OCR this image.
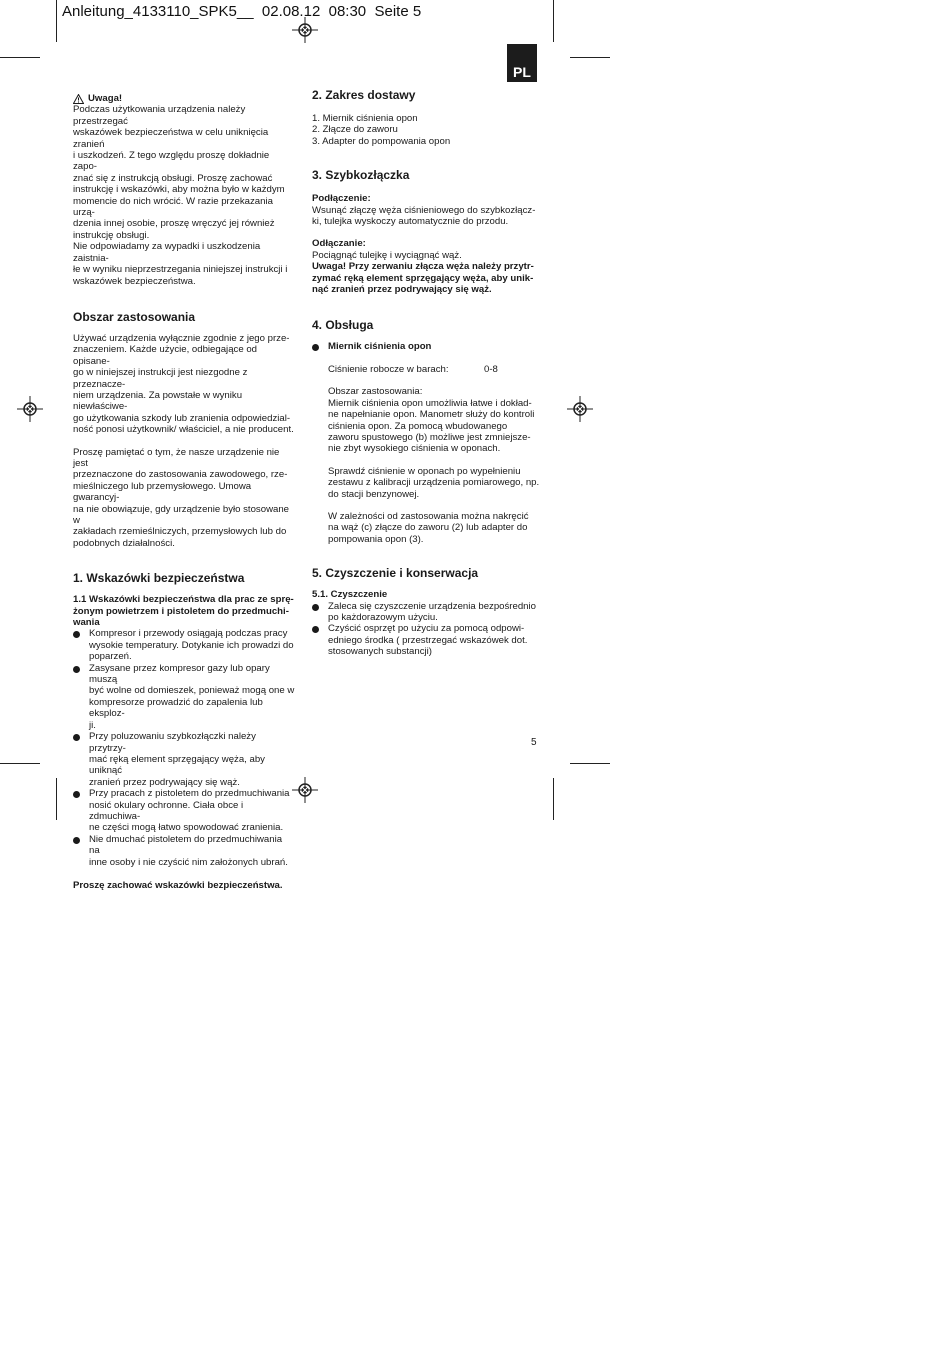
Anleitung_4133110_SPK5__  02.08.12  08:30  Seite 5
PL
Uwaga!

Podczas użytkowania urządzenia należy przestrzegać

wskazówek bezpieczeństwa w celu uniknięcia zranień

i uszkodzeń. Z tego względu proszę dokładnie zapo-

znać się z instrukcją obsługi. Proszę zachować

instrukcję i wskazówki, aby można było w każdym

momencie do nich wrócić. W razie przekazania urzą-

dzenia innej osobie, proszę wręczyć jej również

instrukcję obsługi.

Nie odpowiadamy za wypadki i uszkodzenia zaistnia-

łe w wyniku nieprzestrzegania niniejszej instrukcji i

wskazówek bezpieczeństwa.

Obszar zastosowania

Używać urządzenia wyłącznie zgodnie z jego prze-

znaczeniem. Każde użycie, odbiegające od opisane-

go w niniejszej instrukcji jest niezgodne z przeznacze-

niem urządzenia. Za powstałe w wyniku niewłaściwe-

go użytkowania szkody lub zranienia odpowiedzial-

ność ponosi użytkownik/ właściciel, a nie producent.

Proszę pamiętać o tym, że nasze urządzenie nie jest

przeznaczone do zastosowania zawodowego, rze-

mieślniczego lub przemysłowego. Umowa gwarancyj-

na nie obowiązuje, gdy urządzenie było stosowane w

zakładach rzemieślniczych, przemysłowych lub do

podobnych działalności.

1. Wskazówki bezpieczeństwa

1.1 Wskazówki bezpieczeństwa dla prac ze sprę-

żonym powietrzem i pistoletem do przedmuchi-

wania

Kompresor i przewody osiągają podczas pracy

wysokie temperatury. Dotykanie ich prowadzi do

poparzeń.

Zasysane przez kompresor gazy lub opary muszą

być wolne od domieszek, ponieważ mogą one w

kompresorze prowadzić do zapalenia lub eksploz-

ji.

Przy poluzowaniu szybkozłączki należy przytrzy-

mać ręką element sprzęgający węża, aby uniknąć

zranień przez podrywający się wąż.

Przy pracach z pistoletem do przedmuchiwania

nosić okulary ochronne. Ciała obce i zdmuchiwa-

ne części mogą łatwo spowodować zranienia.

Nie dmuchać pistoletem do przedmuchiwania na

inne osoby i nie czyścić nim założonych ubrań.

Proszę zachować wskazówki bezpieczeństwa.

2. Zakres dostawy

1. Miernik ciśnienia opon

2. Złącze do zaworu

3. Adapter do pompowania opon

3. Szybkozłączka

Podłączenie:

Wsunąć złączę węża ciśnieniowego do szybkozłącz-

ki, tulejka wyskoczy automatycznie do przodu.

Odłączanie:

Pociągnąć tulejkę i wyciągnąć wąż.

Uwaga! Przy zerwaniu złącza węża należy przytr-

zymać ręką element sprzęgający węża, aby unik-

nąć zranień przez podrywający się wąż.

4. Obsługa

Miernik ciśnienia opon

Ciśnienie robocze w barach:	0-8

Obszar zastosowania:

Miernik ciśnienia opon umożliwia łatwe i dokład-

ne napełnianie opon. Manometr służy do kontroli

ciśnienia opon. Za pomocą wbudowanego

zaworu spustowego (b) możliwe jest zmniejsze-

nie zbyt wysokiego ciśnienia w oponach.

Sprawdź ciśnienie w oponach po wypełnieniu

zestawu z kalibracji urządzenia pomiarowego, np.

do stacji benzynowej.

W zależności od zastosowania można nakręcić

na wąż (c) złącze do zaworu (2) lub adapter do

pompowania opon (3).

5. Czyszczenie i konserwacja

5.1. Czyszczenie

Zaleca się czyszczenie urządzenia bezpośrednio

po każdorazowym użyciu.

Czyścić osprzęt po użyciu za pomocą odpowi-

edniego środka ( przestrzegać wskazówek dot.

stosowanych substancji)

5
